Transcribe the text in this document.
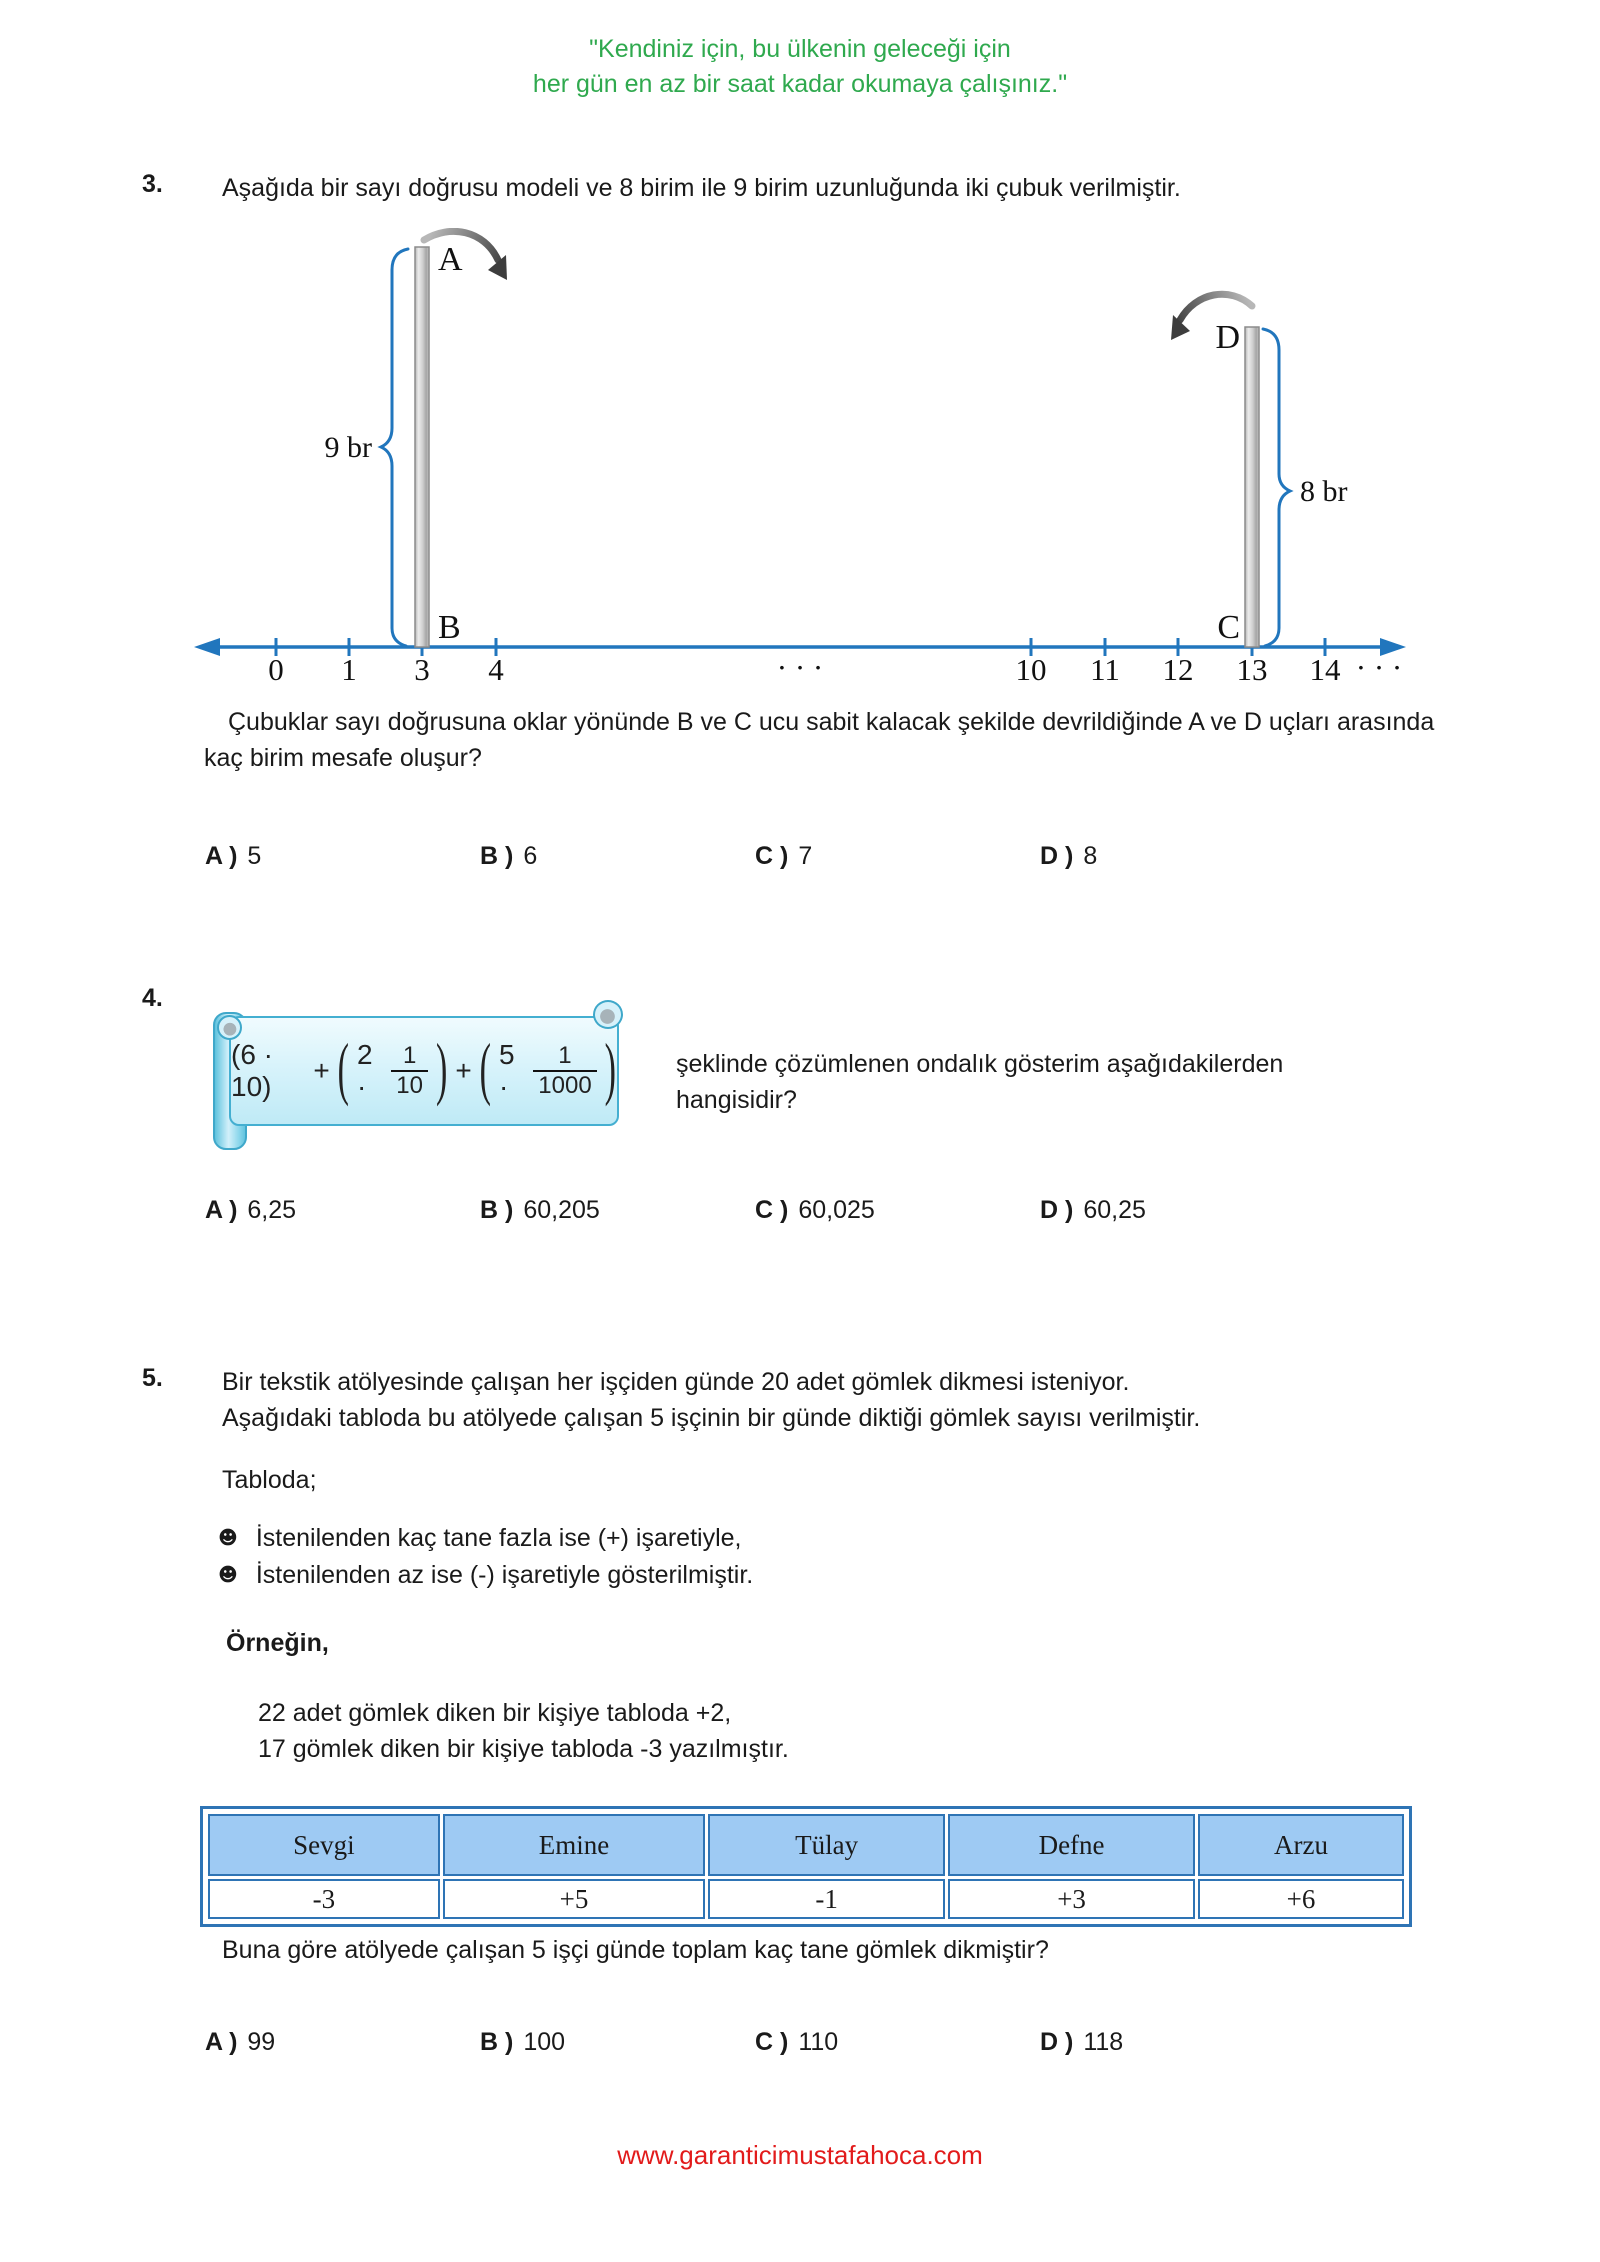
"Kendiniz için, bu ülkenin geleceği için
her gün en az bir saat kadar okumaya çalışınız."
3. Aşağıda bir sayı doğrusu modeli ve 8 birim ile 9 birim uzunluğunda iki çubuk verilmiştir.
0 1 3 4	· · ·	10 11 12 13 14 · · ·
A
B
D
C
9 br
8 br
Çubuklar sayı doğrusuna oklar yönünde B ve C ucu sabit kalacak şekilde devrildiğinde A ve D uçları arasında kaç birim mesafe oluşur?
A ) 5	B ) 6	C ) 7	D ) 8
4.
(6 · 10)
+ ( 2 ·	$\frac{1}{10}$ ) + ( 5 ·	$\frac{1}{1000}$ ) şeklinde çözümlenen ondalık gösterim aşağıdakilerden
hangisidir?
A ) 6,25	B ) 60,205	C ) 60,025	D ) 60,25
5. Bir tekstik atölyesinde çalışan her işçiden günde 20 adet gömlek dikmesi isteniyor.
Aşağıdaki tabloda bu atölyede çalışan 5 işçinin bir günde diktiği gömlek sayısı verilmiştir.
Tabloda;
☻ İstenilenden kaç tane fazla ise (+) işaretiyle,
☻ İstenilenden az ise (-) işaretiyle gösterilmiştir.
Örneğin,
22 adet gömlek diken bir kişiye tabloda +2,
17 gömlek diken bir kişiye tabloda -3 yazılmıştır.
Sevgi	Emine	Tülay	Defne	Arzu
-3	+5	-1	+3	+6
Buna göre atölyede çalışan 5 işçi günde toplam kaç tane gömlek dikmiştir?
A ) 99	B ) 100	C ) 110	D ) 118
www.garanticimustafahoca.com
